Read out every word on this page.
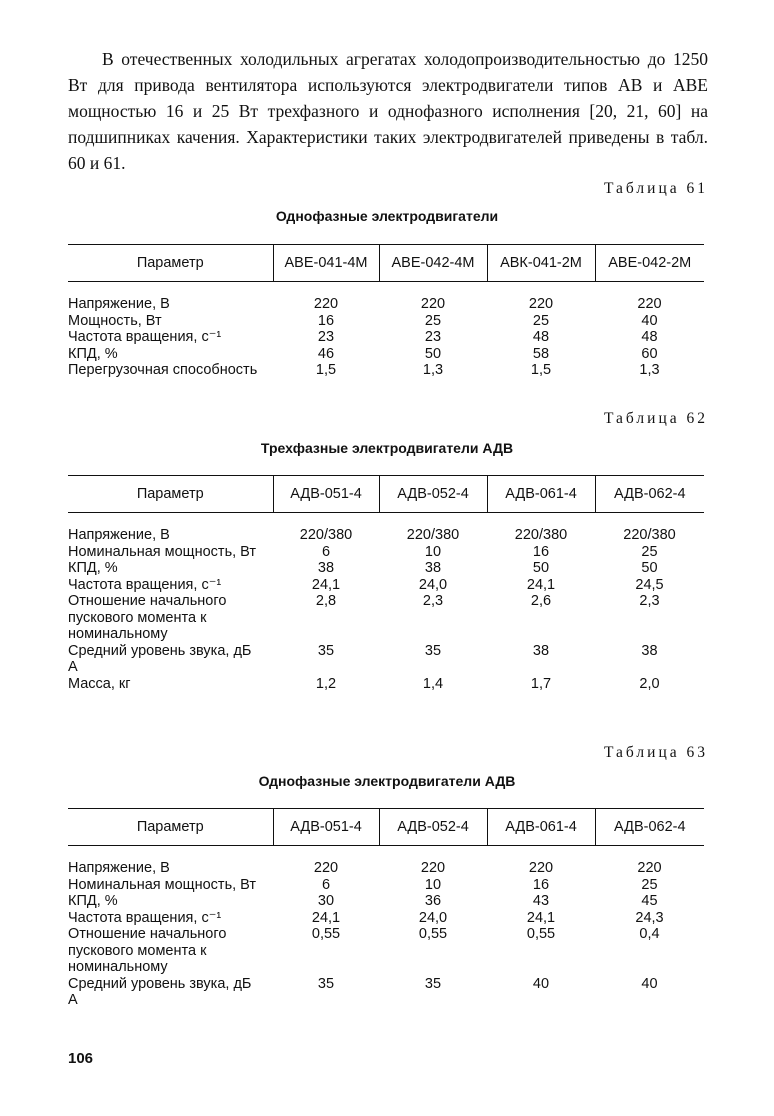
В отечественных холодильных агрегатах холодопроизводительностью до 1250 Вт для привода вентилятора используются электродвигатели типов АВ и АВЕ мощностью 16 и 25 Вт трехфазного и однофазного исполнения [20, 21, 60] на подшипниках качения. Характеристики таких электродвигателей приведены в табл. 60 и 61.

Таблица 61
Однофазные электродвигатели
Параметр	АВЕ-041-4М	АВЕ-042-4М	АВК-041-2М	АВЕ-042-2М

Напряжение, В	220	220	220	220
Мощность, Вт	16	25	25	40
Частота вращения, с⁻¹	23	23	48	48
КПД, %	46	50	58	60
Перегрузочная способность	1,5	1,3	1,5	1,3
Таблица 62
Трехфазные электродвигатели АДВ
Параметр	АДВ-051-4	АДВ-052-4	АДВ-061-4	АДВ-062-4

Напряжение, В	220/380	220/380	220/380	220/380
Номинальная мощность, Вт	6	10	16	25
КПД, %	38	38	50	50
Частота вращения, с⁻¹	24,1	24,0	24,1	24,5
Отношение начального пускового момента к номинальному	2,8	2,3	2,6	2,3
Средний уровень звука, дБ А	35	35	38	38
Масса, кг	1,2	1,4	1,7	2,0
Таблица 63
Однофазные электродвигатели АДВ
Параметр	АДВ-051-4	АДВ-052-4	АДВ-061-4	АДВ-062-4

Напряжение, В	220	220	220	220
Номинальная мощность, Вт	6	10	16	25
КПД, %	30	36	43	45
Частота вращения, с⁻¹	24,1	24,0	24,1	24,3
Отношение начального пускового момента к номинальному	0,55	0,55	0,55	0,4
Средний уровень звука, дБ А	35	35	40	40
106
